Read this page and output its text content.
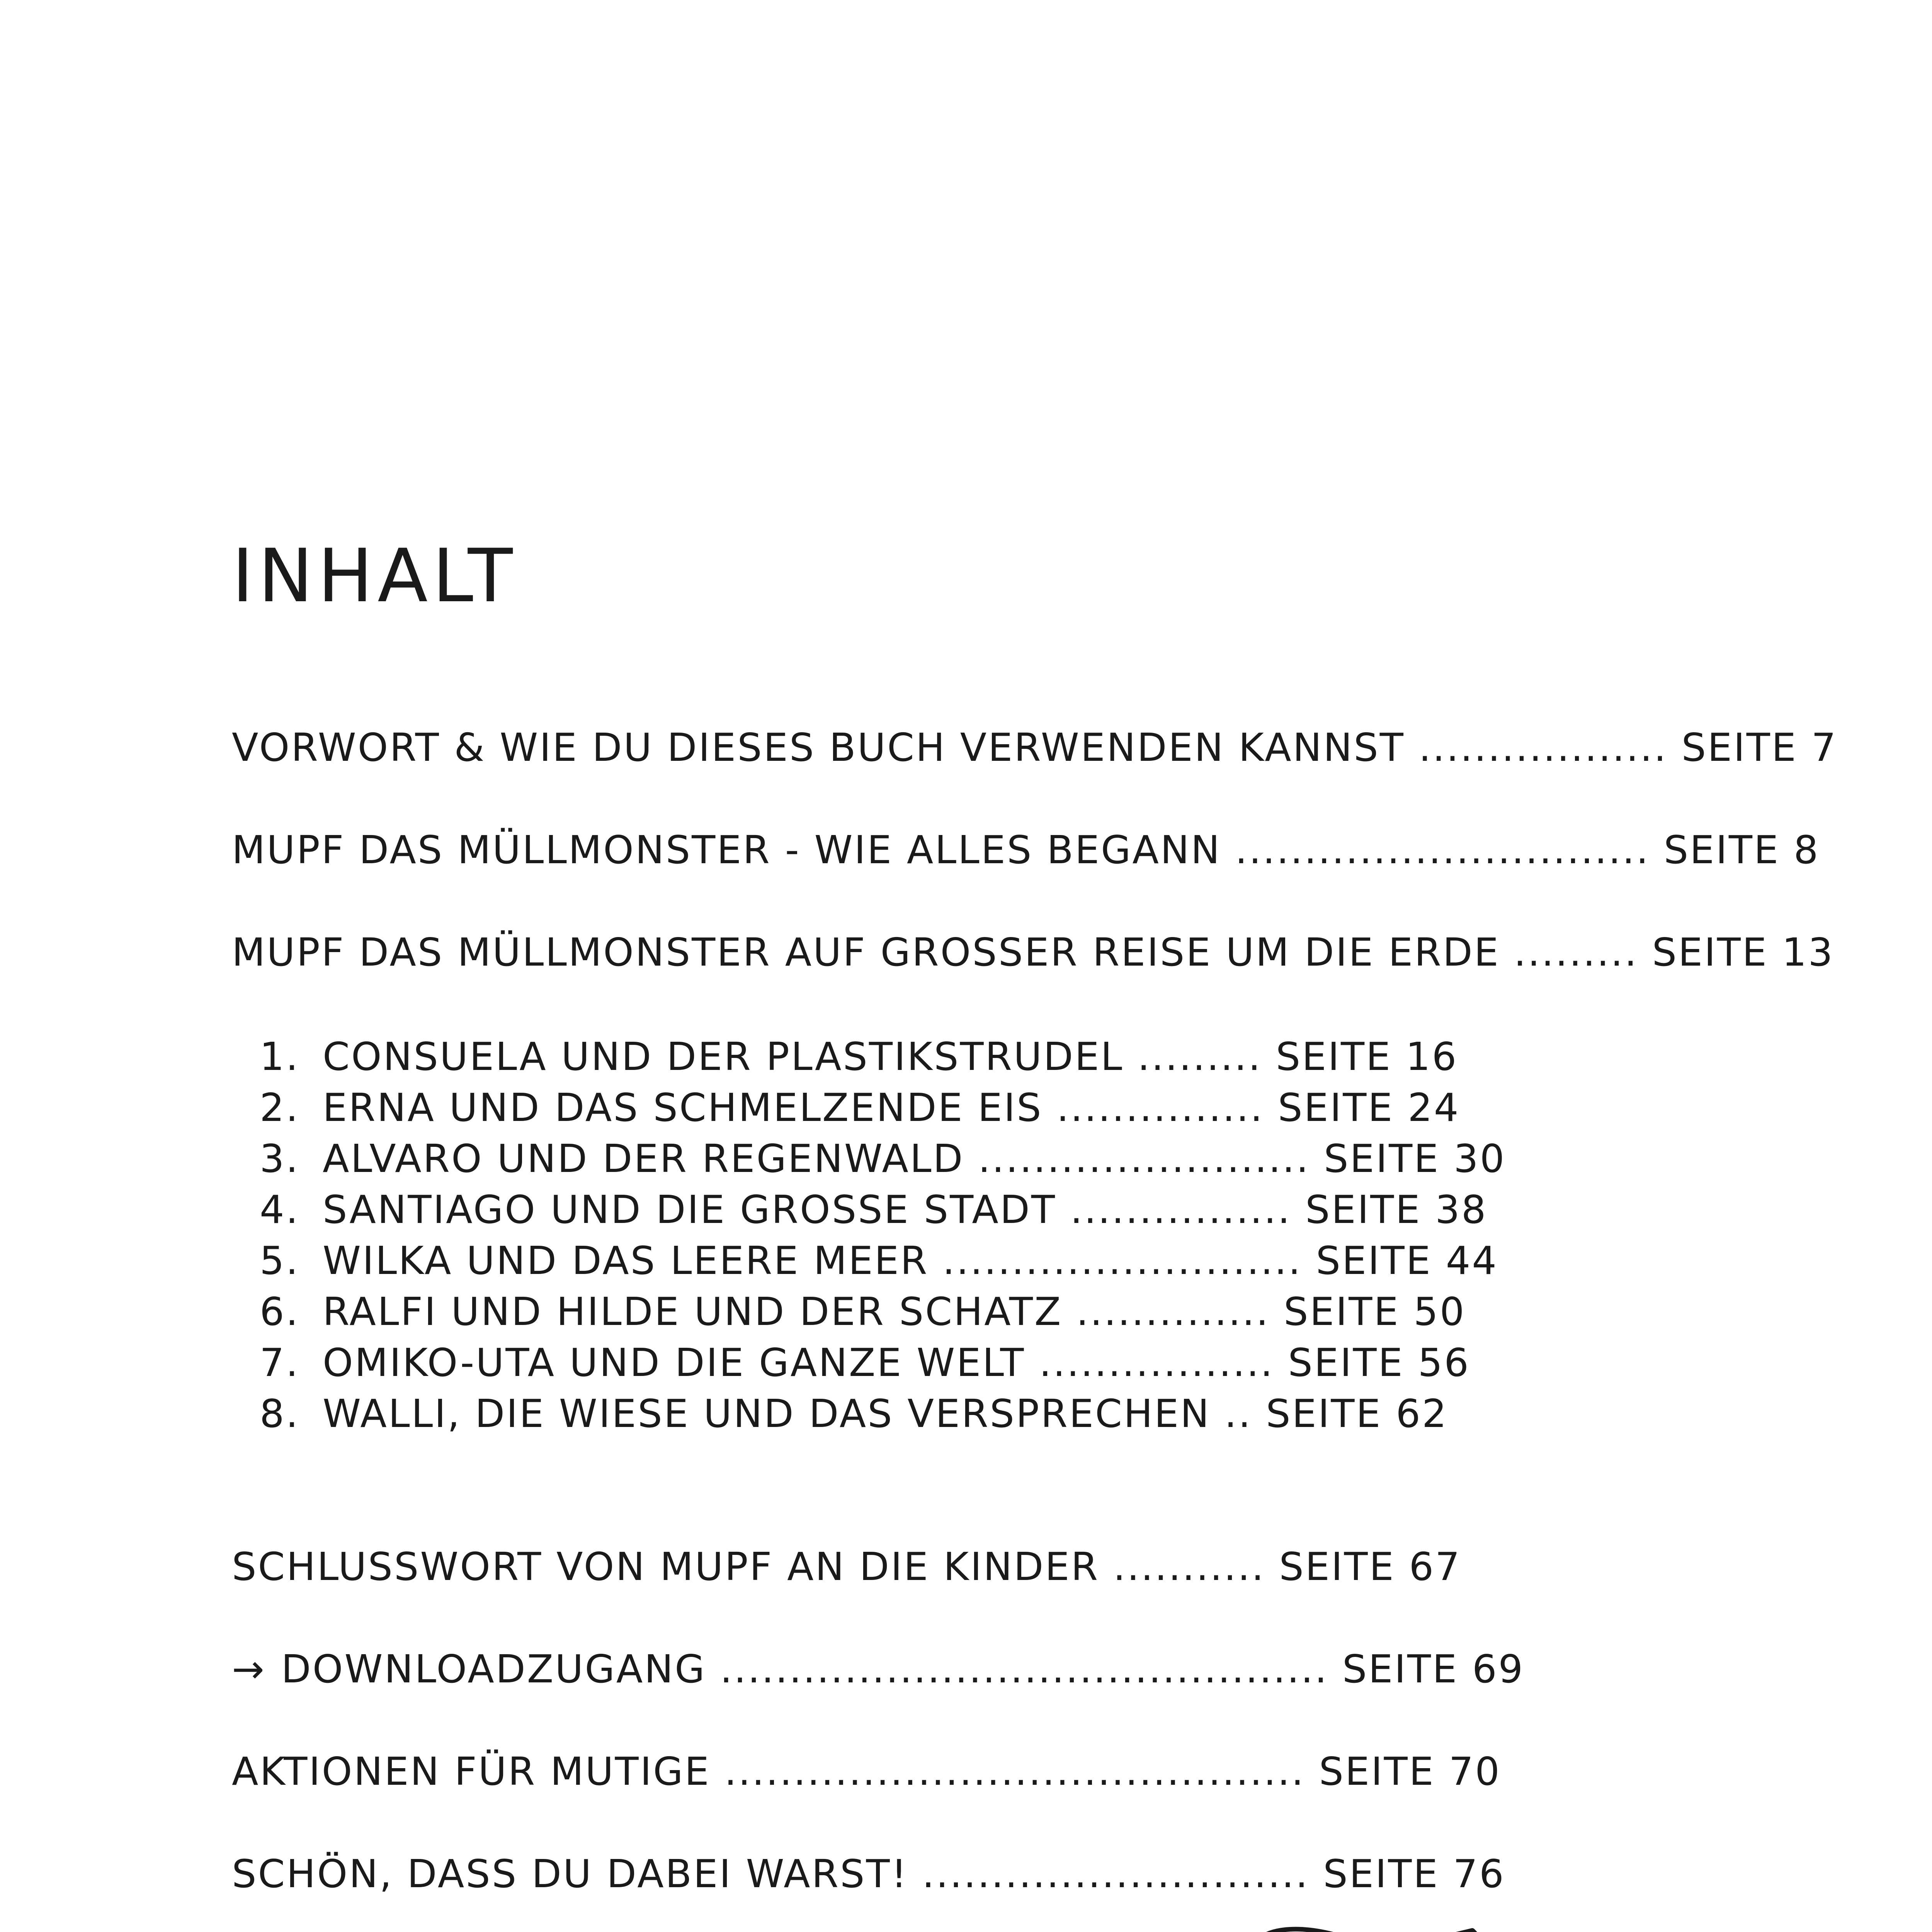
INHALT
VORWORT & WIE DU DIESES BUCH VERWENDEN KANNST .................. SEITE 7
MUPF DAS MÜLLMONSTER - WIE ALLES BEGANN .............................. SEITE 8
MUPF DAS MÜLLMONSTER AUF GROSSER REISE UM DIE ERDE ......... SEITE 13
1. CONSUELA UND DER PLASTIKSTRUDEL ......... SEITE 16
2. ERNA UND DAS SCHMELZENDE EIS ............... SEITE 24
3. ALVARO UND DER REGENWALD ........................ SEITE 30
4. SANTIAGO UND DIE GROSSE STADT ................ SEITE 38
5. WILKA UND DAS LEERE MEER .......................... SEITE 44
6. RALFI UND HILDE UND DER SCHATZ .............. SEITE 50
7. OMIKO-UTA UND DIE GANZE WELT ................. SEITE 56
8. WALLI, DIE WIESE UND DAS VERSPRECHEN .. SEITE 62
SCHLUSSWORT VON MUPF AN DIE KINDER ........... SEITE 67
→ DOWNLOADZUGANG ............................................ SEITE 69
AKTIONEN FÜR MUTIGE .......................................... SEITE 70
SCHÖN, DASS DU DABEI WARST! ............................ SEITE 76
